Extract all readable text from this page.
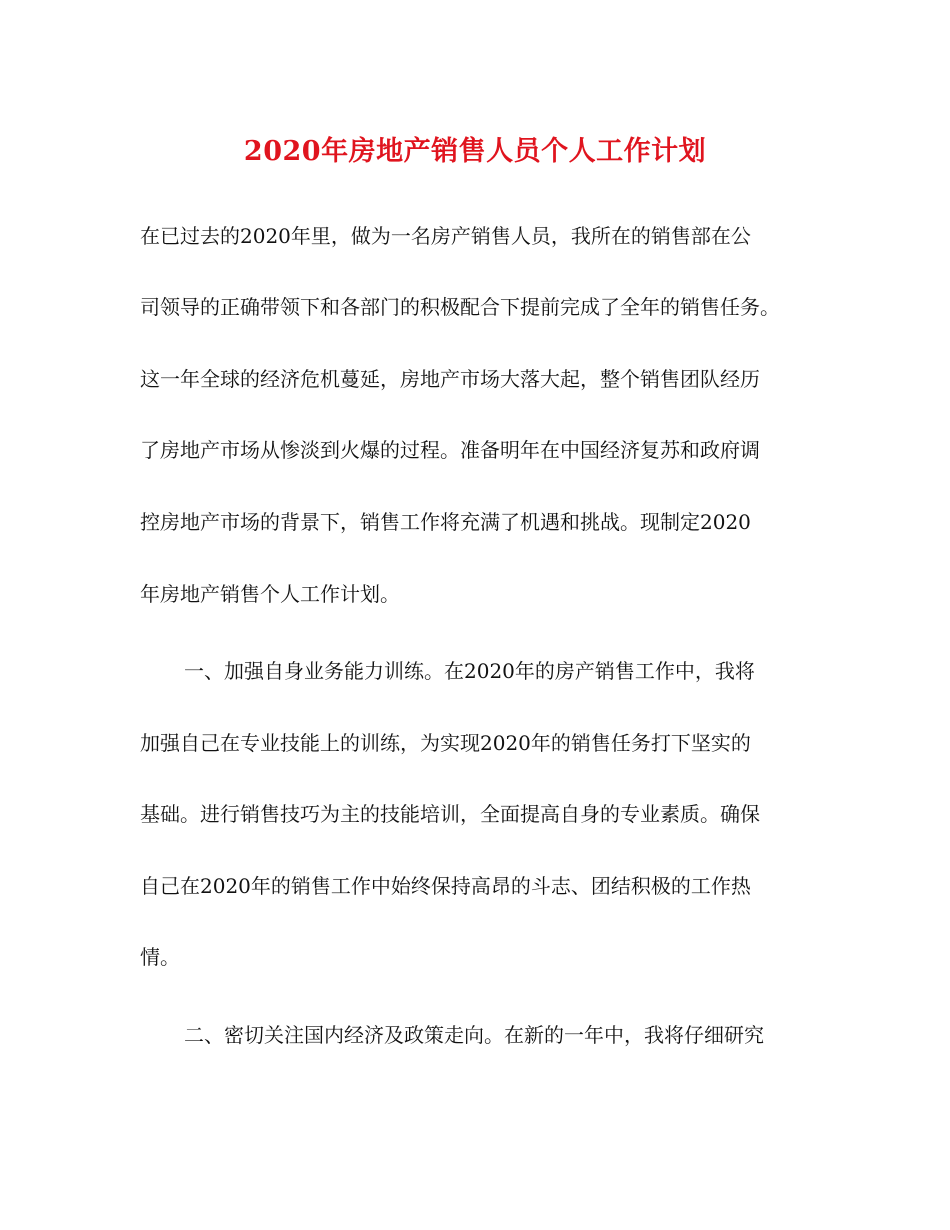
2020年房地产销售人员个人工作计划
在已过去的2020年里，做为一名房产销售人员，我所在的销售部在公
司领导的正确带领下和各部门的积极配合下提前完成了全年的销售任务。
这一年全球的经济危机蔓延，房地产市场大落大起，整个销售团队经历
了房地产市场从惨淡到火爆的过程。准备明年在中国经济复苏和政府调
控房地产市场的背景下，销售工作将充满了机遇和挑战。现制定2020
年房地产销售个人工作计划。
一、加强自身业务能力训练。在2020年的房产销售工作中，我将
加强自己在专业技能上的训练，为实现2020年的销售任务打下坚实的
基础。进行销售技巧为主的技能培训，全面提高自身的专业素质。确保
自己在2020年的销售工作中始终保持高昂的斗志、团结积极的工作热
情。
二、密切关注国内经济及政策走向。在新的一年中，我将仔细研究
